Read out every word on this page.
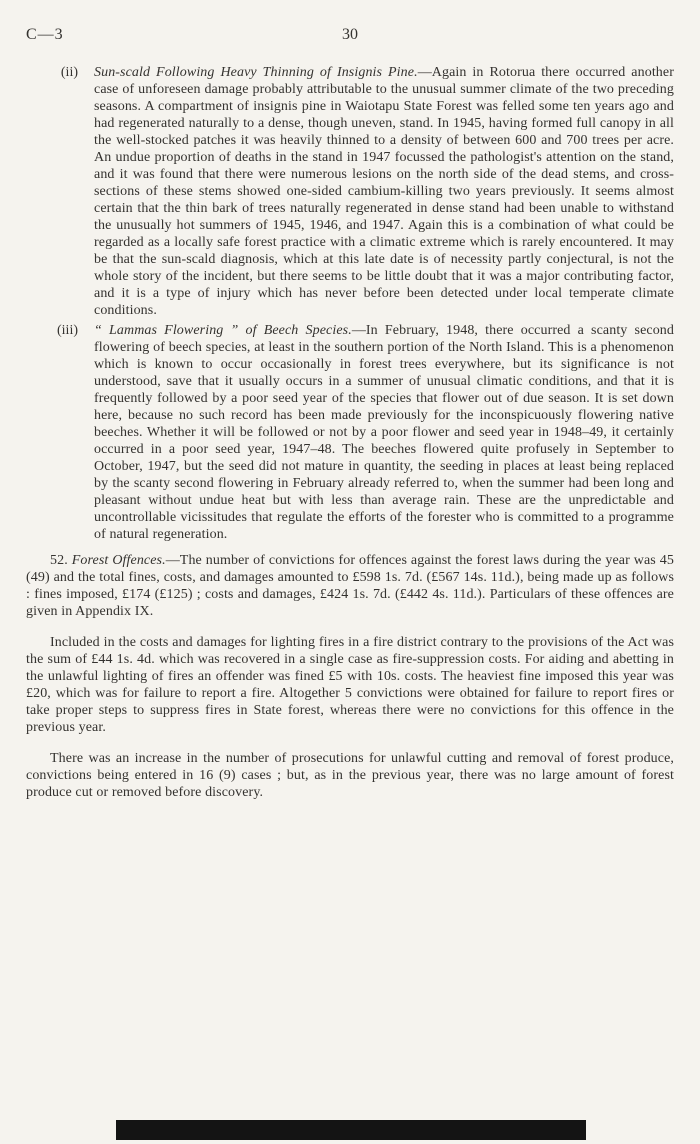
C—3	30
(ii) Sun-scald Following Heavy Thinning of Insignis Pine.—Again in Rotorua there occurred another case of unforeseen damage probably attributable to the unusual summer climate of the two preceding seasons. A compartment of insignis pine in Waiotapu State Forest was felled some ten years ago and had regenerated naturally to a dense, though uneven, stand. In 1945, having formed full canopy in all the well-stocked patches it was heavily thinned to a density of between 600 and 700 trees per acre. An undue proportion of deaths in the stand in 1947 focussed the pathologist's attention on the stand, and it was found that there were numerous lesions on the north side of the dead stems, and cross-sections of these stems showed one-sided cambium-killing two years previously. It seems almost certain that the thin bark of trees naturally regenerated in dense stand had been unable to withstand the unusually hot summers of 1945, 1946, and 1947. Again this is a combination of what could be regarded as a locally safe forest practice with a climatic extreme which is rarely encountered. It may be that the sun-scald diagnosis, which at this late date is of necessity partly conjectural, is not the whole story of the incident, but there seems to be little doubt that it was a major contributing factor, and it is a type of injury which has never before been detected under local temperate climate conditions.

(iii) “ Lammas Flowering ” of Beech Species.—In February, 1948, there occurred a scanty second flowering of beech species, at least in the southern portion of the North Island. This is a phenomenon which is known to occur occasionally in forest trees everywhere, but its significance is not understood, save that it usually occurs in a summer of unusual climatic conditions, and that it is frequently followed by a poor seed year of the species that flower out of due season. It is set down here, because no such record has been made previously for the inconspicuously flowering native beeches. Whether it will be followed or not by a poor flower and seed year in 1948–49, it certainly occurred in a poor seed year, 1947–48. The beeches flowered quite profusely in September to October, 1947, but the seed did not mature in quantity, the seeding in places at least being replaced by the scanty second flowering in February already referred to, when the summer had been long and pleasant without undue heat but with less than average rain. These are the unpredictable and uncontrollable vicissitudes that regulate the efforts of the forester who is committed to a programme of natural regeneration.

52. Forest Offences.—The number of convictions for offences against the forest laws during the year was 45 (49) and the total fines, costs, and damages amounted to £598 1s. 7d. (£567 14s. 11d.), being made up as follows : fines imposed, £174 (£125) ; costs and damages, £424 1s. 7d. (£442 4s. 11d.). Particulars of these offences are given in Appendix IX.

Included in the costs and damages for lighting fires in a fire district contrary to the provisions of the Act was the sum of £44 1s. 4d. which was recovered in a single case as fire-suppression costs. For aiding and abetting in the unlawful lighting of fires an offender was fined £5 with 10s. costs. The heaviest fine imposed this year was £20, which was for failure to report a fire. Altogether 5 convictions were obtained for failure to report fires or take proper steps to suppress fires in State forest, whereas there were no convictions for this offence in the previous year.

There was an increase in the number of prosecutions for unlawful cutting and removal of forest produce, convictions being entered in 16 (9) cases ; but, as in the previous year, there was no large amount of forest produce cut or removed before discovery.
